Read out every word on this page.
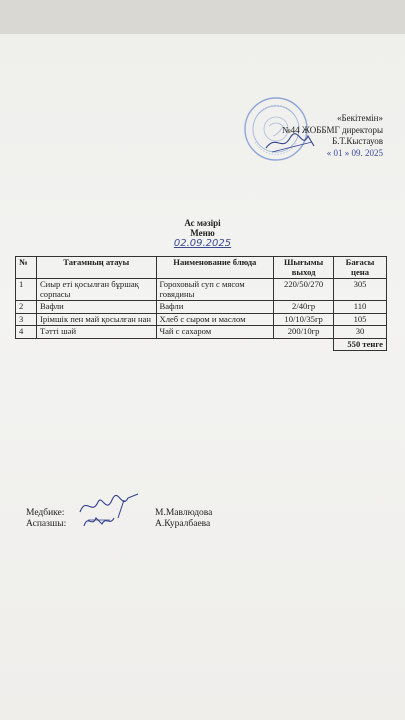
«Бекітемін»
№44 ЖОББМГ директоры
Б.Т.Кыстауов
« 01 » 09. 2025
Ас мәзірі
Меню
02.09.2025
№	Тағамның атауы	Наименование блюда	Шығымы выход	Бағасы цена
1	Сиыр еті қосылған бұршақ сорпасы	Гороховый суп с мясом говядины	220/50/270	305
2	Вафли	Вафли	2/40гр	110
3	Ірімшік пен май қосылған нан	Хлеб с сыром и маслом	10/10/35гр	105
4	Тәтті шәй	Чай с сахаром	200/10гр	30
				550 тенге
Медбике:	М.Мавлюдова
Аспазшы:	А.Куралбаева
